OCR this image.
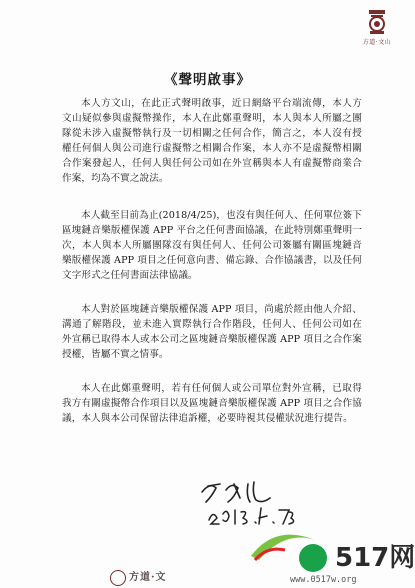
方道·文山
《聲明啟事》

本人方文山，在此正式聲明啟事，近日網絡平台端流傳，本人方文山疑似參與虛擬幣操作，本人在此鄭重聲明，本人與本人所屬之團隊從未涉入虛擬幣執行及一切相關之任何合作，簡言之，本人沒有授權任何個人與公司進行虛擬幣之相關合作案，本人亦不是虛擬幣相關合作案發起人，任何人與任何公司如在外宣稱與本人有虛擬幣商業合作案，均為不實之說法。

本人截至目前為止(2018/4/25)，也沒有與任何人、任何單位簽下區塊鏈音樂版權保護 APP 平台之任何書面協議，在此特別鄭重聲明一次，本人與本人所屬團隊沒有與任何人、任何公司簽屬有關區塊鏈音樂版權保護 APP 項目之任何意向書、備忘錄、合作協議書，以及任何文字形式之任何書面法律協議。

本人對於區塊鏈音樂版權保護 APP 項目，尚處於經由他人介紹、溝通了解階段，並未進入實際執行合作階段，任何人、任何公司如在外宣稱已取得本人或本公司之區塊鏈音樂版權保護 APP 項目之合作案授權，皆屬不實之情事。

本人在此鄭重聲明，若有任何個人或公司單位對外宣稱，已取得我方有關虛擬幣合作項目以及區塊鏈音樂版權保護 APP 項目之合作協議，本人與本公司保留法律追訴權，必要時視其侵權狀況進行提告。

方道·文
517网
www.0517w.org
